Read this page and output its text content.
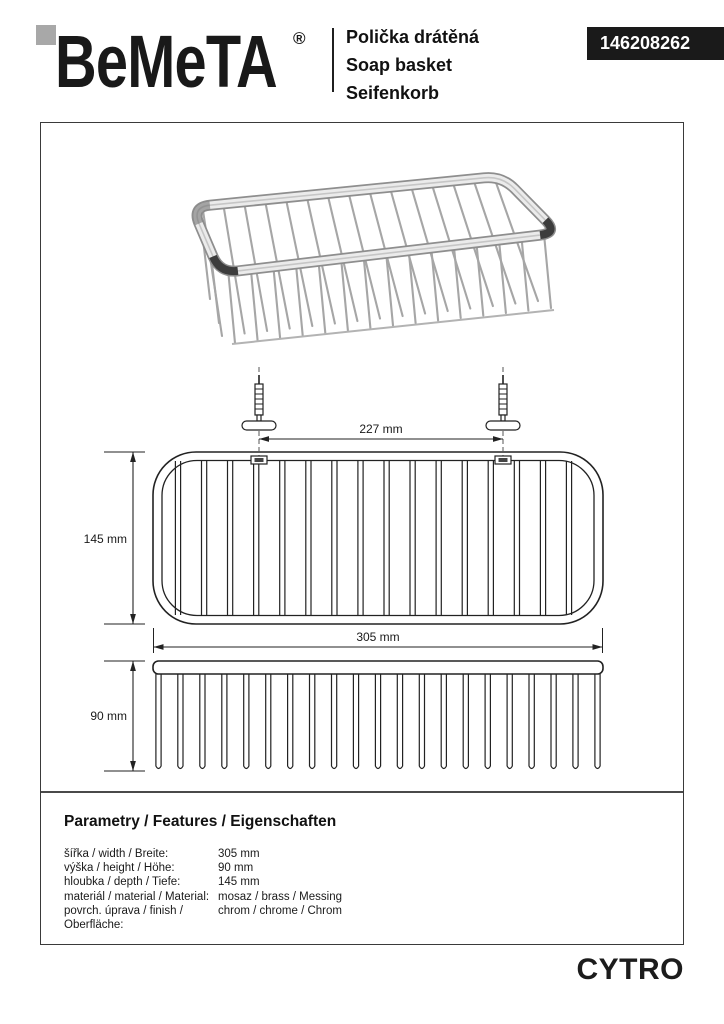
BeMeTA ® Polička drátěná
Soap basket
Seifenkorb
146208262
227 mm
145 mm
305 mm
90 mm
Parametry / Features / Eigenschaften
šířka / width / Breite:	305 mm
výška / height / Höhe:	90 mm
hloubka / depth / Tiefe:	145 mm
materiál / material / Material: mosaz / brass / Messing
povrch. úprava / finish / Oberfläche:
chrom / chrome / Chrom
CYTRO
